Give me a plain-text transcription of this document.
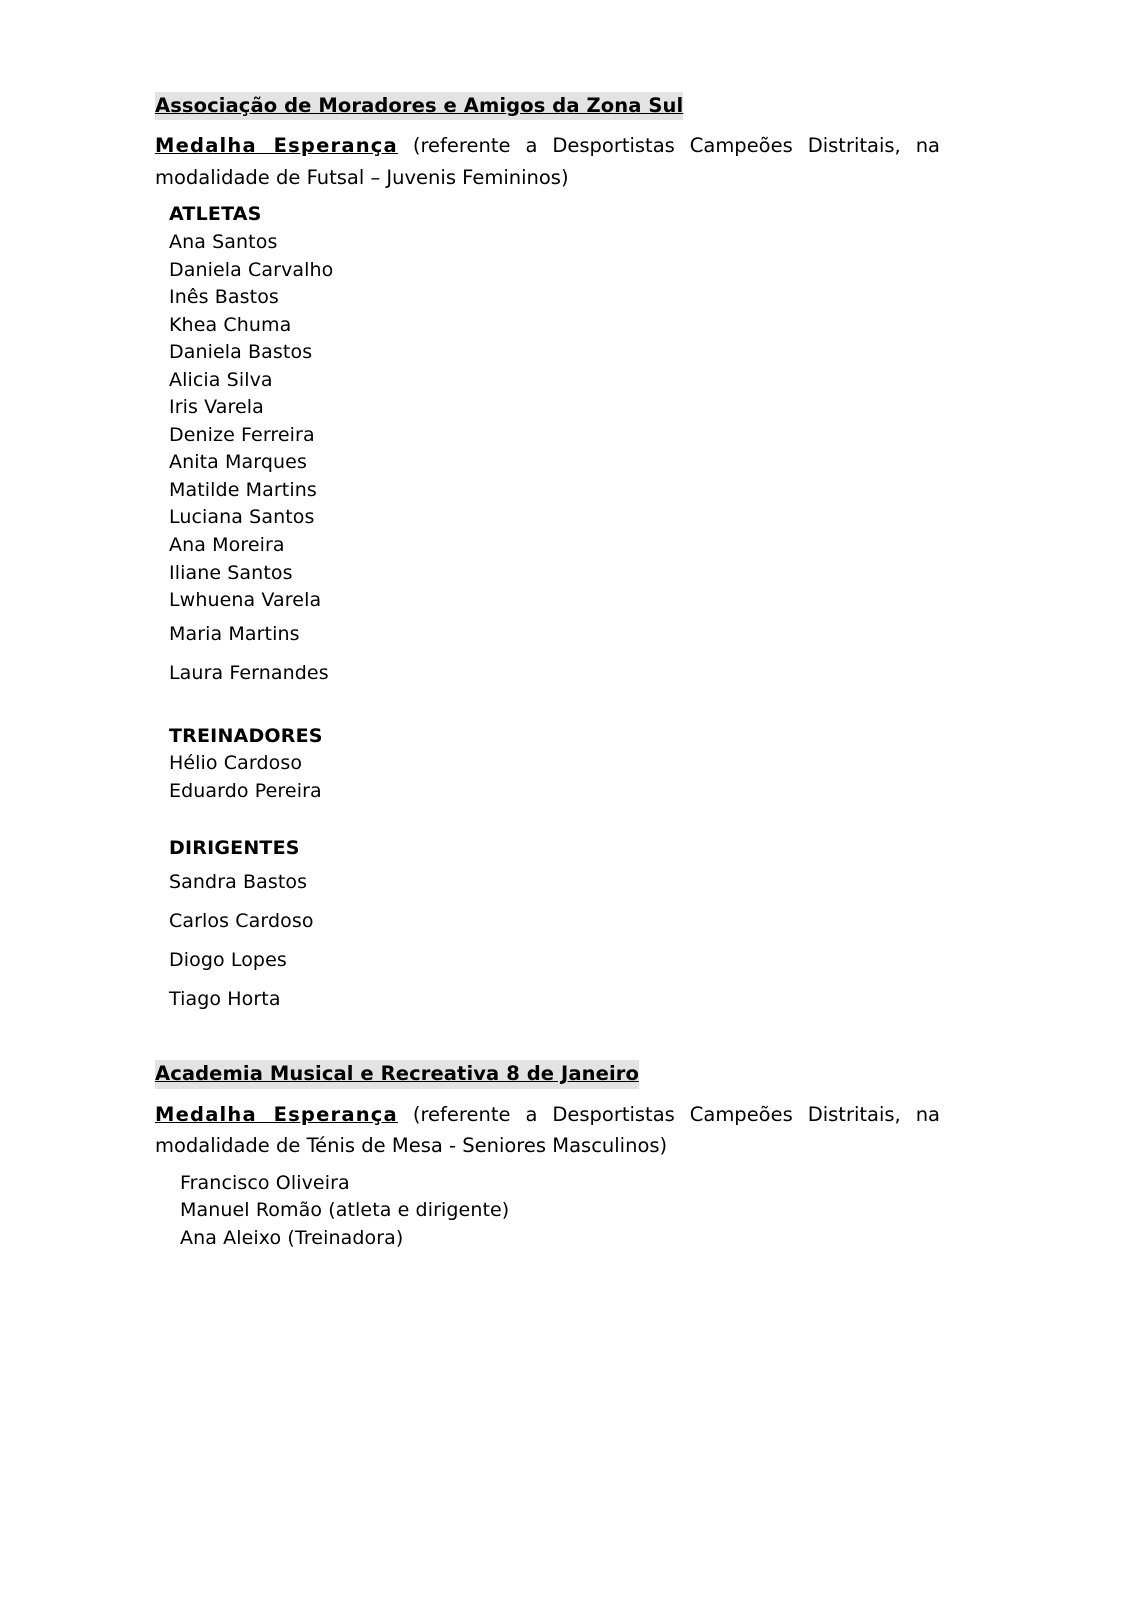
Associação de Moradores e Amigos da Zona Sul
Medalha Esperança (referente a Desportistas Campeões Distritais, na modalidade de Futsal – Juvenis Femininos)
ATLETAS
Ana Santos
Daniela Carvalho
Inês Bastos
Khea Chuma
Daniela Bastos
Alicia Silva
Iris Varela
Denize Ferreira
Anita Marques
Matilde Martins
Luciana Santos
Ana Moreira
Iliane Santos
Lwhuena Varela
Maria Martins
Laura Fernandes
TREINADORES
Hélio Cardoso
Eduardo Pereira
DIRIGENTES
Sandra Bastos
Carlos Cardoso
Diogo Lopes
Tiago Horta
Academia Musical e Recreativa 8 de Janeiro
Medalha Esperança (referente a Desportistas Campeões Distritais, na modalidade de Ténis de Mesa - Seniores Masculinos)
Francisco Oliveira
Manuel Romão (atleta e dirigente)
Ana Aleixo (Treinadora)
